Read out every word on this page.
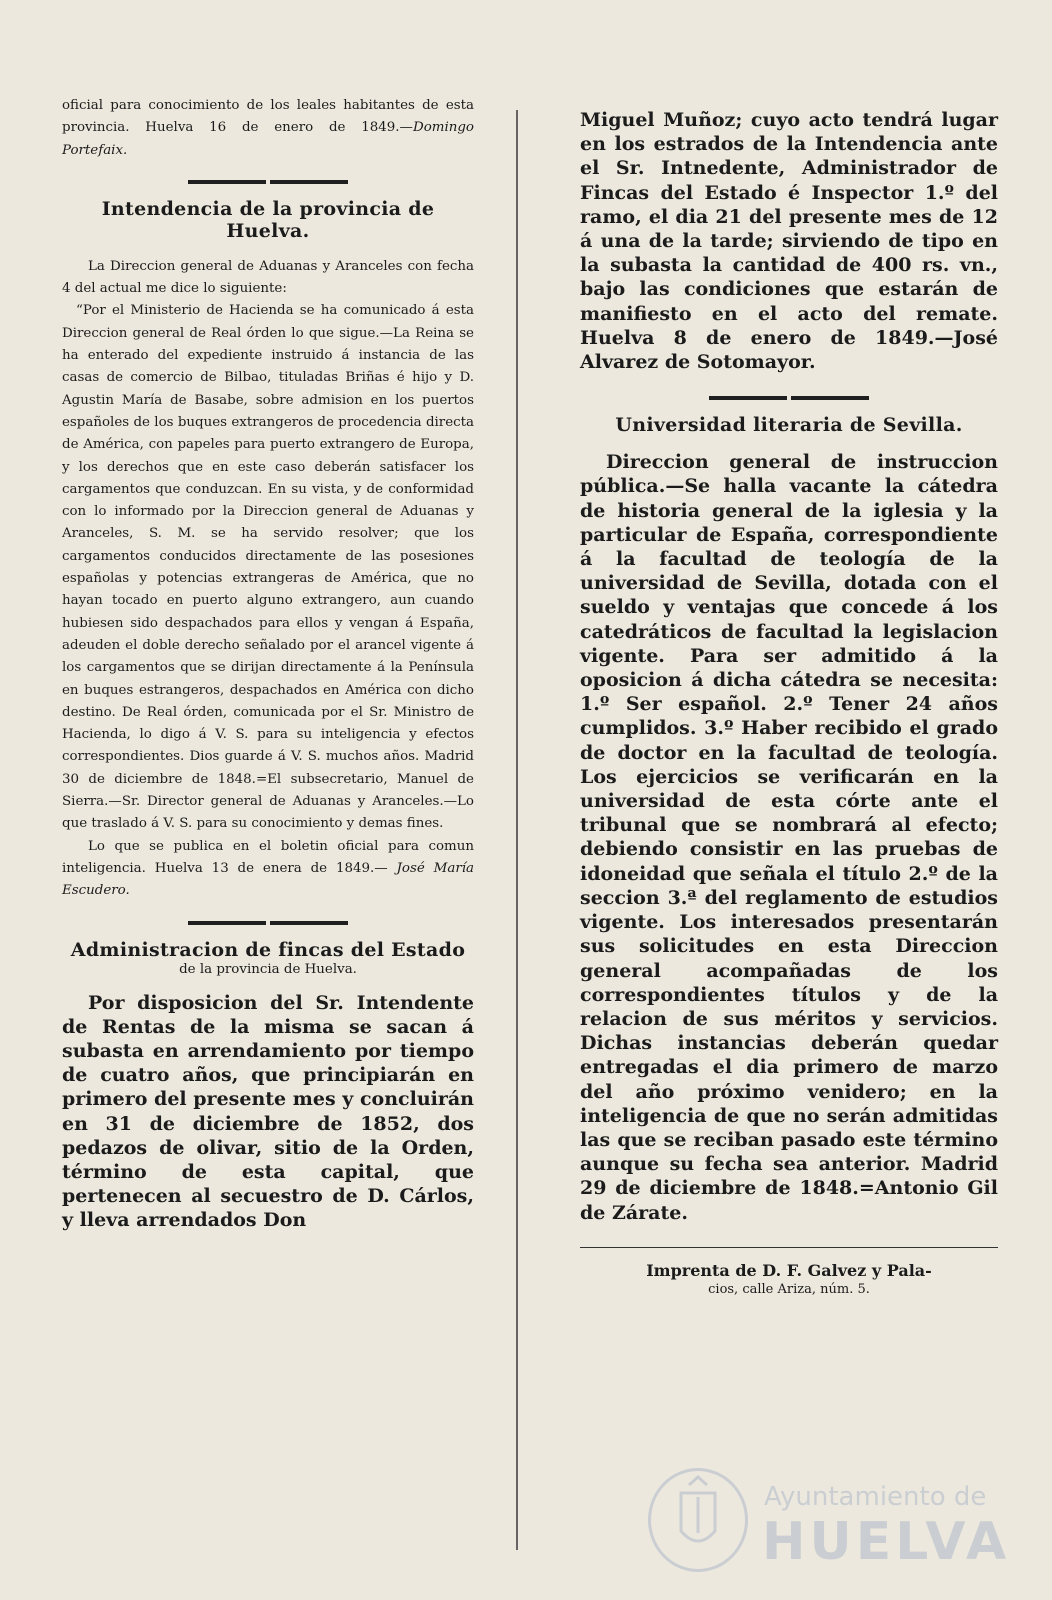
oficial para conocimiento de los leales habitantes de esta provincia. Huelva 16 de enero de 1849.—Domingo Portefaix.

Intendencia de la provincia de Huelva.

La Direccion general de Aduanas y Aranceles con fecha 4 del actual me dice lo siguiente:

“Por el Ministerio de Hacienda se ha comunicado á esta Direccion general de Real órden lo que sigue.—La Reina se ha enterado del expediente instruido á instancia de las casas de comercio de Bilbao, tituladas Briñas é hijo y D. Agustin María de Basabe, sobre admision en los puertos españoles de los buques extrangeros de procedencia directa de América, con papeles para puerto extrangero de Europa, y los derechos que en este caso deberán satisfacer los cargamentos que conduzcan. En su vista, y de conformidad con lo informado por la Direccion general de Aduanas y Aranceles, S. M. se ha servido resolver; que los cargamentos conducidos directamente de las posesiones españolas y potencias extrangeras de América, que no hayan tocado en puerto alguno extrangero, aun cuando hubiesen sido despachados para ellos y vengan á España, adeuden el doble derecho señalado por el arancel vigente á los cargamentos que se dirijan directamente á la Península en buques estrangeros, despachados en América con dicho destino. De Real órden, comunicada por el Sr. Ministro de Hacienda, lo digo á V. S. para su inteligencia y efectos correspondientes. Dios guarde á V. S. muchos años. Madrid 30 de diciembre de 1848.=El subsecretario, Manuel de Sierra.—Sr. Director general de Aduanas y Aranceles.—Lo que traslado á V. S. para su conocimiento y demas fines.

Lo que se publica en el boletin oficial para comun inteligencia. Huelva 13 de enera de 1849.— José María Escudero.

Administracion de fincas del Estado
de la provincia de Huelva.

Por disposicion del Sr. Intendente de Rentas de la misma se sacan á subasta en arrendamiento por tiempo de cuatro años, que principiarán en primero del presente mes y concluirán en 31 de diciembre de 1852, dos pedazos de olivar, sitio de la Orden, término de esta capital, que pertenecen al secuestro de D. Cárlos, y lleva arrendados Don

Miguel Muñoz; cuyo acto tendrá lugar en los estrados de la Intendencia ante el Sr. Intnedente, Administrador de Fincas del Estado é Inspector 1.º del ramo, el dia 21 del presente mes de 12 á una de la tarde; sirviendo de tipo en la subasta la cantidad de 400 rs. vn., bajo las condiciones que estarán de manifiesto en el acto del remate. Huelva 8 de enero de 1849.—José Alvarez de Sotomayor.

Universidad literaria de Sevilla.

Direccion general de instruccion pública.—Se halla vacante la cátedra de historia general de la iglesia y la particular de España, correspondiente á la facultad de teología de la universidad de Sevilla, dotada con el sueldo y ventajas que concede á los catedráticos de facultad la legislacion vigente. Para ser admitido á la oposicion á dicha cátedra se necesita: 1.º Ser español. 2.º Tener 24 años cumplidos. 3.º Haber recibido el grado de doctor en la facultad de teología. Los ejercicios se verificarán en la universidad de esta córte ante el tribunal que se nombrará al efecto; debiendo consistir en las pruebas de idoneidad que señala el título 2.º de la seccion 3.ª del reglamento de estudios vigente. Los interesados presentarán sus solicitudes en esta Direccion general acompañadas de los correspondientes títulos y de la relacion de sus méritos y servicios. Dichas instancias deberán quedar entregadas el dia primero de marzo del año próximo venidero; en la inteligencia de que no serán admitidas las que se reciban pasado este término aunque su fecha sea anterior. Madrid 29 de diciembre de 1848.=Antonio Gil de Zárate.

Imprenta de D. F. Galvez y Pala-
cios, calle Ariza, núm. 5.
Ayuntamiento de
HUELVA
